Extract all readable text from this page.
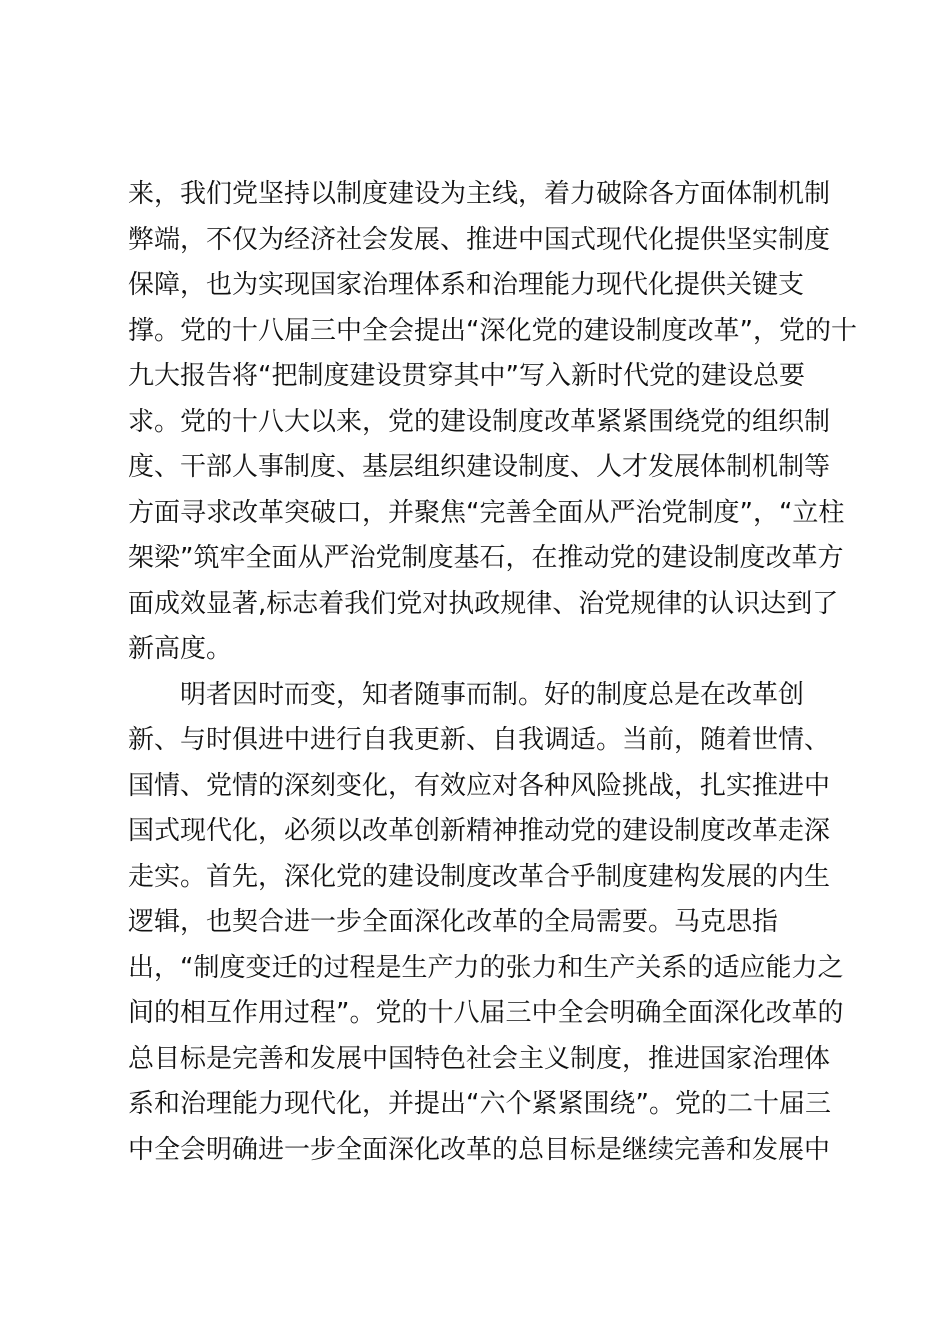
来，我们党坚持以制度建设为主线，着力破除各方面体制机制
弊端，不仅为经济社会发展、推进中国式现代化提供坚实制度
保障，也为实现国家治理体系和治理能力现代化提供关键支
撑。党的十八届三中全会提出“深化党的建设制度改革”，党的十
九大报告将“把制度建设贯穿其中”写入新时代党的建设总要
求。党的十八大以来，党的建设制度改革紧紧围绕党的组织制
度、干部人事制度、基层组织建设制度、人才发展体制机制等
方面寻求改革突破口，并聚焦“完善全面从严治党制度”，“立柱
架梁”筑牢全面从严治党制度基石，在推动党的建设制度改革方
面成效显著,标志着我们党对执政规律、治党规律的认识达到了
新高度。
明者因时而变，知者随事而制。好的制度总是在改革创
新、与时俱进中进行自我更新、自我调适。当前，随着世情、
国情、党情的深刻变化，有效应对各种风险挑战，扎实推进中
国式现代化，必须以改革创新精神推动党的建设制度改革走深
走实。首先，深化党的建设制度改革合乎制度建构发展的内生
逻辑，也契合进一步全面深化改革的全局需要。马克思指
出，“制度变迁的过程是生产力的张力和生产关系的适应能力之
间的相互作用过程”。党的十八届三中全会明确全面深化改革的
总目标是完善和发展中国特色社会主义制度，推进国家治理体
系和治理能力现代化，并提出“六个紧紧围绕”。党的二十届三
中全会明确进一步全面深化改革的总目标是继续完善和发展中
